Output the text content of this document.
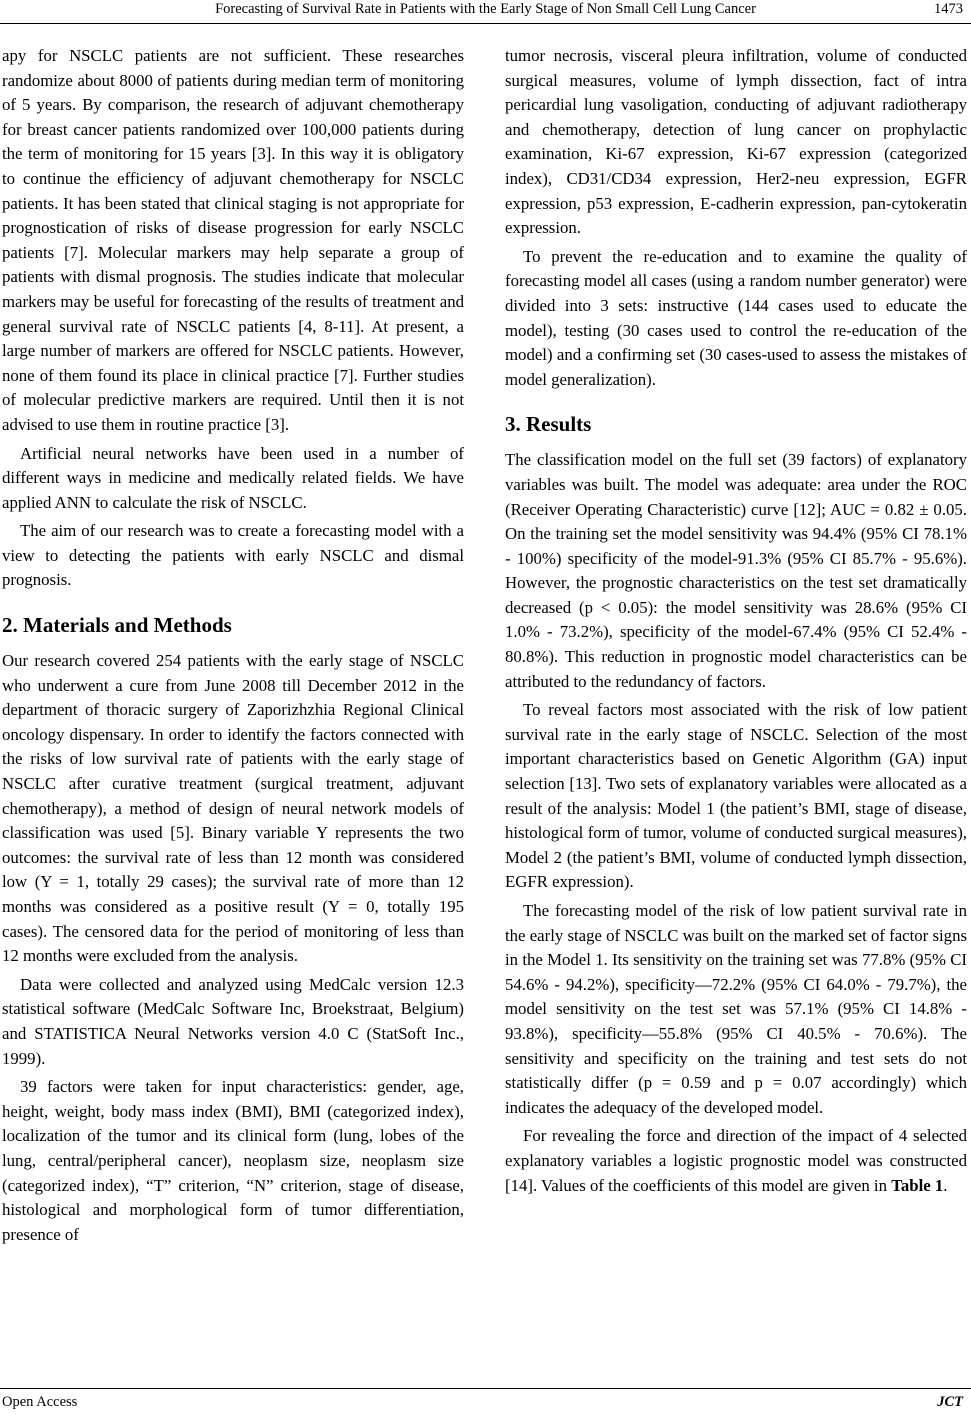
Forecasting of Survival Rate in Patients with the Early Stage of Non Small Cell Lung Cancer	1473

apy for NSCLC patients are not sufficient. These researches randomize about 8000 of patients during median term of monitoring of 5 years. By comparison, the research of adjuvant chemotherapy for breast cancer patients randomized over 100,000 patients during the term of monitoring for 15 years [3]. In this way it is obligatory to continue the efficiency of adjuvant chemotherapy for NSCLC patients. It has been stated that clinical staging is not appropriate for prognostication of risks of disease progression for early NSCLC patients [7]. Molecular markers may help separate a group of patients with dismal prognosis. The studies indicate that molecular markers may be useful for forecasting of the results of treatment and general survival rate of NSCLC patients [4, 8-11]. At present, a large number of markers are offered for NSCLC patients. However, none of them found its place in clinical practice [7]. Further studies of molecular predictive markers are required. Until then it is not advised to use them in routine practice [3].

Artificial neural networks have been used in a number of different ways in medicine and medically related fields. We have applied ANN to calculate the risk of NSCLC.

The aim of our research was to create a forecasting model with a view to detecting the patients with early NSCLC and dismal prognosis.

2. Materials and Methods

Our research covered 254 patients with the early stage of NSCLC who underwent a cure from June 2008 till December 2012 in the department of thoracic surgery of Zaporizhzhia Regional Clinical oncology dispensary. In order to identify the factors connected with the risks of low survival rate of patients with the early stage of NSCLC after curative treatment (surgical treatment, adjuvant chemotherapy), a method of design of neural network models of classification was used [5]. Binary variable Y represents the two outcomes: the survival rate of less than 12 month was considered low (Y = 1, totally 29 cases); the survival rate of more than 12 months was considered as a positive result (Y = 0, totally 195 cases). The censored data for the period of monitoring of less than 12 months were excluded from the analysis.

Data were collected and analyzed using MedCalc version 12.3 statistical software (MedCalc Software Inc, Broekstraat, Belgium) and STATISTICA Neural Networks version 4.0 C (StatSoft Inc., 1999).

39 factors were taken for input characteristics: gender, age, height, weight, body mass index (BMI), BMI (categorized index), localization of the tumor and its clinical form (lung, lobes of the lung, central/peripheral cancer), neoplasm size, neoplasm size (categorized index), “T” criterion, “N” criterion, stage of disease, histological and morphological form of tumor differentiation, presence of

tumor necrosis, visceral pleura infiltration, volume of conducted surgical measures, volume of lymph dissection, fact of intra pericardial lung vasoligation, conducting of adjuvant radiotherapy and chemotherapy, detection of lung cancer on prophylactic examination, Ki-67 expression, Ki-67 expression (categorized index), CD31/CD34 expression, Her2-neu expression, EGFR expression, p53 expression, E-cadherin expression, pan-cytokeratin expression.

To prevent the re-education and to examine the quality of forecasting model all cases (using a random number generator) were divided into 3 sets: instructive (144 cases used to educate the model), testing (30 cases used to control the re-education of the model) and a confirming set (30 cases-used to assess the mistakes of model generalization).

3. Results

The classification model on the full set (39 factors) of explanatory variables was built. The model was adequate: area under the ROC (Receiver Operating Characteristic) curve [12]; AUC = 0.82 ± 0.05. On the training set the model sensitivity was 94.4% (95% CI 78.1% - 100%) specificity of the model-91.3% (95% CI 85.7% - 95.6%). However, the prognostic characteristics on the test set dramatically decreased (p < 0.05): the model sensitivity was 28.6% (95% CI 1.0% - 73.2%), specificity of the model-67.4% (95% CI 52.4% - 80.8%). This reduction in prognostic model characteristics can be attributed to the redundancy of factors.

To reveal factors most associated with the risk of low patient survival rate in the early stage of NSCLC. Selection of the most important characteristics based on Genetic Algorithm (GA) input selection [13]. Two sets of explanatory variables were allocated as a result of the analysis: Model 1 (the patient’s BMI, stage of disease, histological form of tumor, volume of conducted surgical measures), Model 2 (the patient’s BMI, volume of conducted lymph dissection, EGFR expression).

The forecasting model of the risk of low patient survival rate in the early stage of NSCLC was built on the marked set of factor signs in the Model 1. Its sensitivity on the training set was 77.8% (95% CI 54.6% - 94.2%), specificity—72.2% (95% CI 64.0% - 79.7%), the model sensitivity on the test set was 57.1% (95% CI 14.8% - 93.8%), specificity—55.8% (95% CI 40.5% - 70.6%). The sensitivity and specificity on the training and test sets do not statistically differ (p = 0.59 and p = 0.07 accordingly) which indicates the adequacy of the developed model.

For revealing the force and direction of the impact of 4 selected explanatory variables a logistic prognostic model was constructed [14]. Values of the coefficients of this model are given in Table 1.

Open Access	JCT
